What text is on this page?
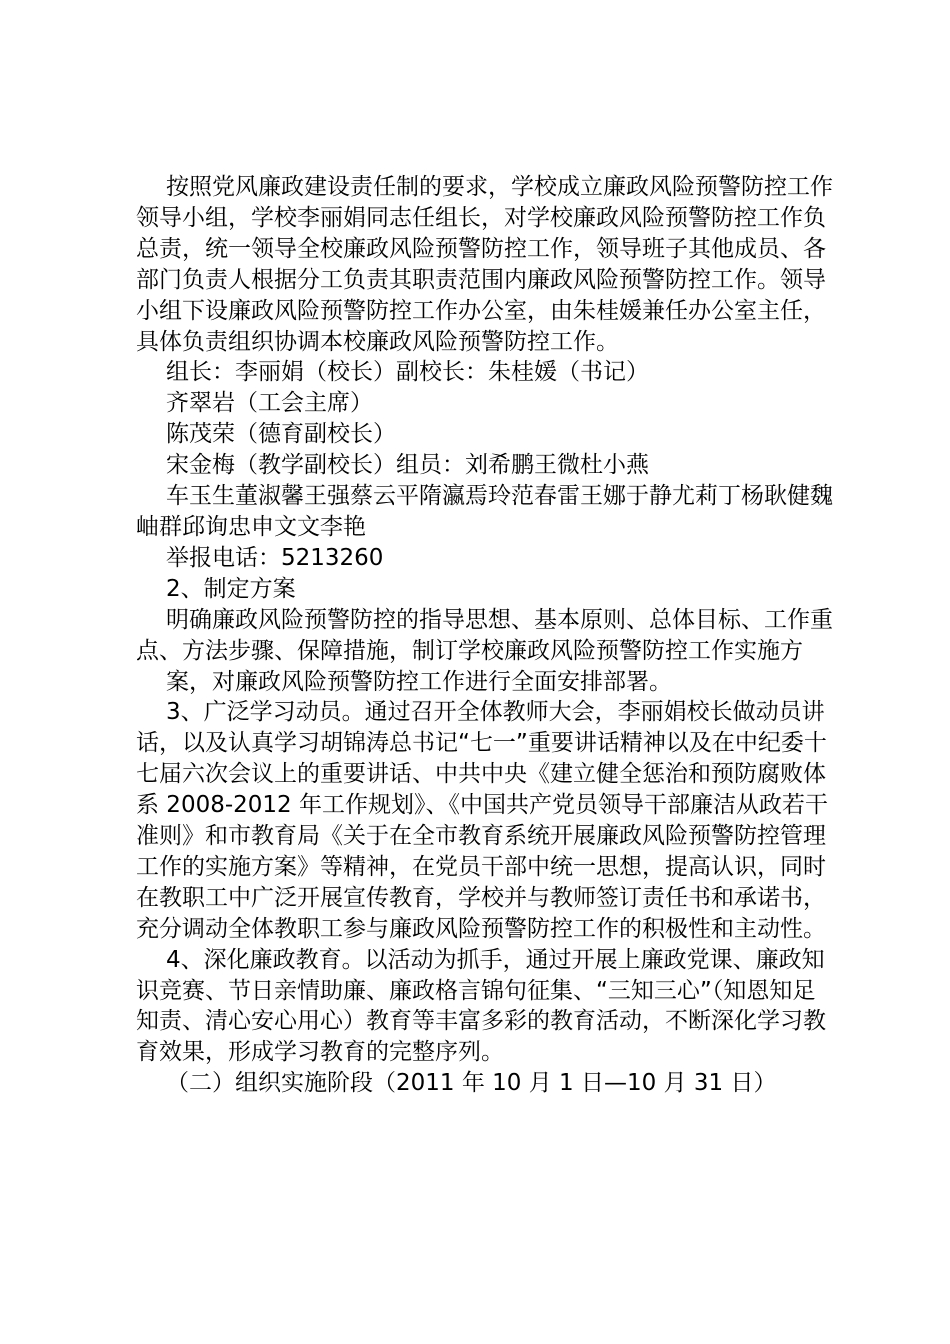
按照党风廉政建设责任制的要求，学校成立廉政风险预警防控工作领导小组，学校李丽娟同志任组长，对学校廉政风险预警防控工作负总责，统一领导全校廉政风险预警防控工作，领导班子其他成员、各部门负责人根据分工负责其职责范围内廉政风险预警防控工作。领导小组下设廉政风险预警防控工作办公室，由朱桂媛兼任办公室主任，具体负责组织协调本校廉政风险预警防控工作。

组长：李丽娟（校长）副校长：朱桂媛（书记）

齐翠岩（工会主席）

陈茂荣（德育副校长）

宋金梅（教学副校长）组员：刘希鹏王微杜小燕

车玉生董淑馨王强蔡云平隋瀛焉玲范春雷王娜于静尤莉丁杨耿健魏岫群邱询忠申文文李艳

举报电话：5213260

2、制定方案

明确廉政风险预警防控的指导思想、基本原则、总体目标、工作重点、方法步骤、保障措施，制订学校廉政风险预警防控工作实施方

案，对廉政风险预警防控工作进行全面安排部署。

3、广泛学习动员。通过召开全体教师大会，李丽娟校长做动员讲话，以及认真学习胡锦涛总书记“七一”重要讲话精神以及在中纪委十七届六次会议上的重要讲话、中共中央《建立健全惩治和预防腐败体系 2008-2012 年工作规划》、《中国共产党员领导干部廉洁从政若干准则》和市教育局《关于在全市教育系统开展廉政风险预警防控管理工作的实施方案》等精神，在党员干部中统一思想，提高认识，同时在教职工中广泛开展宣传教育，学校并与教师签订责任书和承诺书，充分调动全体教职工参与廉政风险预警防控工作的积极性和主动性。

4、深化廉政教育。以活动为抓手，通过开展上廉政党课、廉政知识竞赛、节日亲情助廉、廉政格言锦句征集、“三知三心”（知恩知足知责、清心安心用心）教育等丰富多彩的教育活动，不断深化学习教育效果，形成学习教育的完整序列。

（二）组织实施阶段（2011 年 10 月 1 日—10 月 31 日）
